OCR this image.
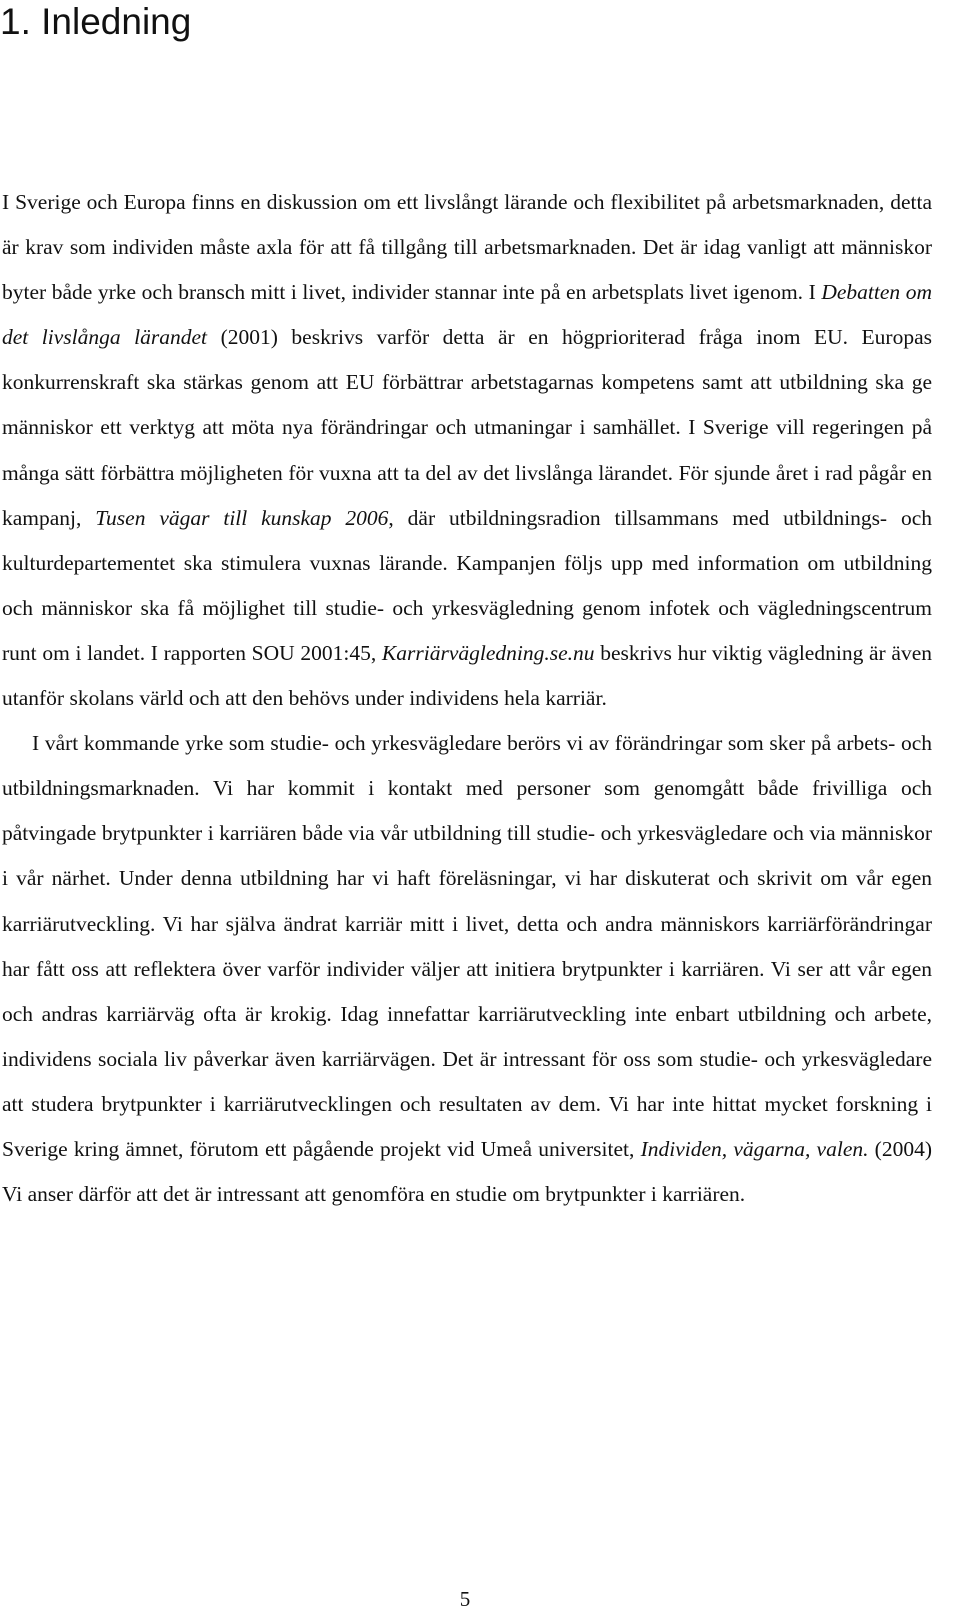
1. Inledning

I Sverige och Europa finns en diskussion om ett livslångt lärande och flexibilitet på arbetsmarknaden, detta är krav som individen måste axla för att få tillgång till arbetsmarknaden. Det är idag vanligt att människor byter både yrke och bransch mitt i livet, individer stannar inte på en arbetsplats livet igenom. I Debatten om det livslånga lärandet (2001) beskrivs varför detta är en högprioriterad fråga inom EU. Europas konkurrenskraft ska stärkas genom att EU förbättrar arbetstagarnas kompetens samt att utbildning ska ge människor ett verktyg att möta nya förändringar och utmaningar i samhället. I Sverige vill regeringen på många sätt förbättra möjligheten för vuxna att ta del av det livslånga lärandet. För sjunde året i rad pågår en kampanj, Tusen vägar till kunskap 2006, där utbildningsradion tillsammans med utbildnings- och kulturdepartementet ska stimulera vuxnas lärande. Kampanjen följs upp med information om utbildning och människor ska få möjlighet till studie- och yrkesvägledning genom infotek och vägledningscentrum runt om i landet. I rapporten SOU 2001:45, Karriärvägledning.se.nu beskrivs hur viktig vägledning är även utanför skolans värld och att den behövs under individens hela karriär.

I vårt kommande yrke som studie- och yrkesvägledare berörs vi av förändringar som sker på arbets- och utbildningsmarknaden. Vi har kommit i kontakt med personer som genomgått både frivilliga och påtvingade brytpunkter i karriären både via vår utbildning till studie- och yrkesvägledare och via människor i vår närhet. Under denna utbildning har vi haft föreläsningar, vi har diskuterat och skrivit om vår egen karriärutveckling. Vi har själva ändrat karriär mitt i livet, detta och andra människors karriärförändringar har fått oss att reflektera över varför individer väljer att initiera brytpunkter i karriären. Vi ser att vår egen och andras karriärväg ofta är krokig. Idag innefattar karriärutveckling inte enbart utbildning och arbete, individens sociala liv påverkar även karriärvägen. Det är intressant för oss som studie- och yrkesvägledare att studera brytpunkter i karriärutvecklingen och resultaten av dem. Vi har inte hittat mycket forskning i Sverige kring ämnet, förutom ett pågående projekt vid Umeå universitet, Individen, vägarna, valen. (2004) Vi anser därför att det är intressant att genomföra en studie om brytpunkter i karriären.

5
